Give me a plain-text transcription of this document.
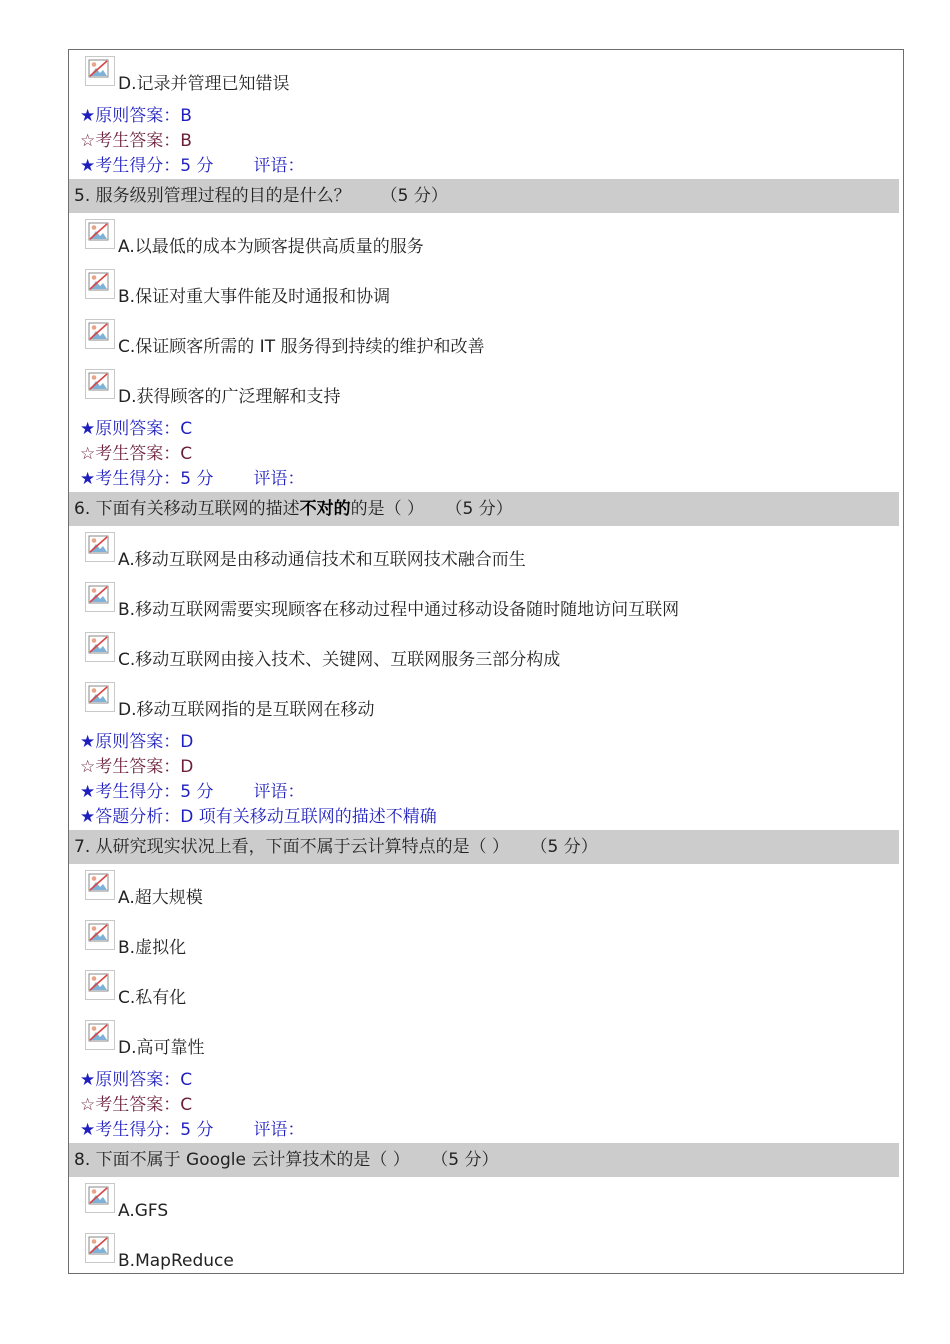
D.记录并管理已知错误
★原则答案：B
☆考生答案：B
★考生得分：5 分 评语：
5. 服务级别管理过程的目的是什么？ （5 分）
A.以最低的成本为顾客提供高质量的服务
B.保证对重大事件能及时通报和协调
C.保证顾客所需的 IT 服务得到持续的维护和改善
D.获得顾客的广泛理解和支持
★原则答案：C
☆考生答案：C
★考生得分：5 分 评语：
6. 下面有关移动互联网的描述不对的的是（ ） （5 分）
A.移动互联网是由移动通信技术和互联网技术融合而生
B.移动互联网需要实现顾客在移动过程中通过移动设备随时随地访问互联网
C.移动互联网由接入技术、关键网、互联网服务三部分构成
D.移动互联网指的是互联网在移动
★原则答案：D
☆考生答案：D
★考生得分：5 分 评语：
★答题分析：D 项有关移动互联网的描述不精确
7. 从研究现实状况上看，下面不属于云计算特点的是（ ） （5 分）
A.超大规模
B.虚拟化
C.私有化
D.高可靠性
★原则答案：C
☆考生答案：C
★考生得分：5 分 评语：
8. 下面不属于 Google 云计算技术的是（ ） （5 分）
A.GFS
B.MapReduce
